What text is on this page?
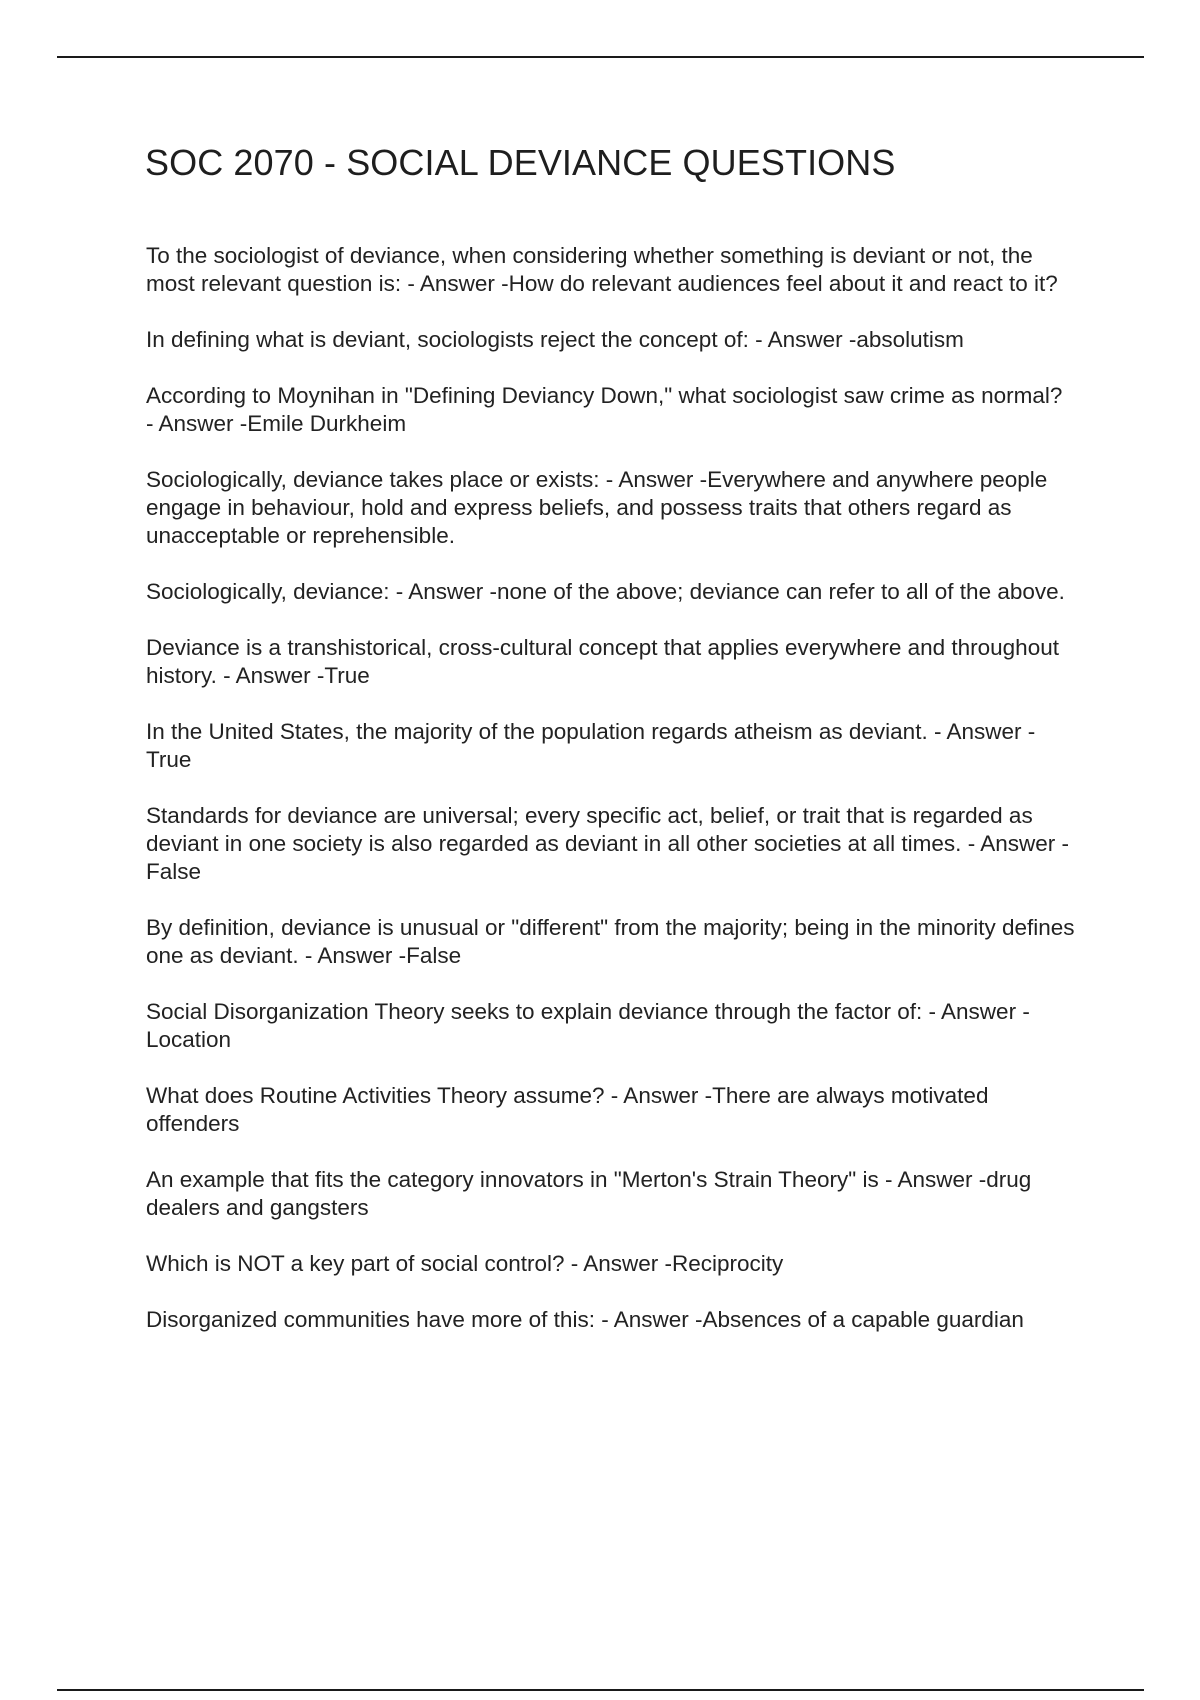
SOC 2070 - SOCIAL DEVIANCE QUESTIONS
To the sociologist of deviance, when considering whether something is deviant or not, the most relevant question is: - Answer -How do relevant audiences feel about it and react to it?
In defining what is deviant, sociologists reject the concept of: - Answer -absolutism
According to Moynihan in "Defining Deviancy Down," what sociologist saw crime as normal? - Answer -Emile Durkheim
Sociologically, deviance takes place or exists: - Answer -Everywhere and anywhere people engage in behaviour, hold and express beliefs, and possess traits that others regard as unacceptable or reprehensible.
Sociologically, deviance: - Answer -none of the above; deviance can refer to all of the above.
Deviance is a transhistorical, cross-cultural concept that applies everywhere and throughout history. - Answer -True
In the United States, the majority of the population regards atheism as deviant. - Answer -True
Standards for deviance are universal; every specific act, belief, or trait that is regarded as deviant in one society is also regarded as deviant in all other societies at all times. - Answer -False
By definition, deviance is unusual or "different" from the majority; being in the minority defines one as deviant. - Answer -False
Social Disorganization Theory seeks to explain deviance through the factor of: - Answer -Location
What does Routine Activities Theory assume? - Answer -There are always motivated offenders
An example that fits the category innovators in "Merton's Strain Theory" is - Answer -drug dealers and gangsters
Which is NOT a key part of social control? - Answer -Reciprocity
Disorganized communities have more of this: - Answer -Absences of a capable guardian
